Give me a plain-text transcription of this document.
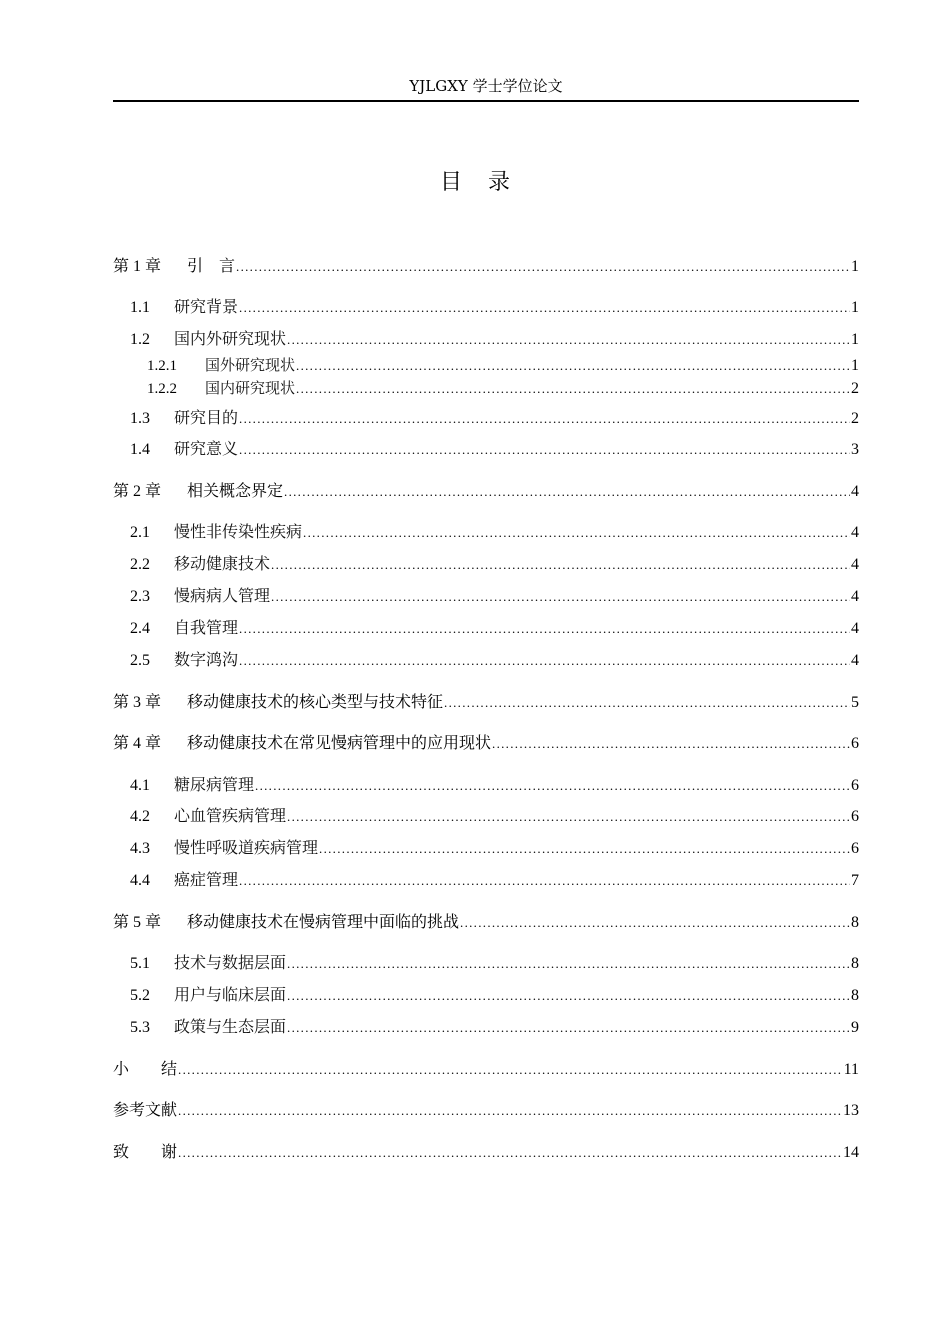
YJLGXY 学士学位论文
目 录
第 1 章	引　言 .....	1
1.1	研究背景 .....	1
1.2	国内外研究现状 .....	1
1.2.1	国外研究现状 .....	1
1.2.2	国内研究现状 .....	2
1.3	研究目的 .....	2
1.4	研究意义 .....	3
第 2 章	相关概念界定 .....	4
2.1	慢性非传染性疾病 .....	4
2.2	移动健康技术 .....	4
2.3	慢病病人管理 .....	4
2.4	自我管理 .....	4
2.5	数字鸿沟 .....	4
第 3 章	移动健康技术的核心类型与技术特征 .....	5
第 4 章	移动健康技术在常见慢病管理中的应用现状 .....	6
4.1	糖尿病管理 .....	6
4.2	心血管疾病管理 .....	6
4.3	慢性呼吸道疾病管理 .....	6
4.4	癌症管理 .....	7
第 5 章	移动健康技术在慢病管理中面临的挑战 .....	8
5.1	技术与数据层面 .....	8
5.2	用户与临床层面 .....	8
5.3	政策与生态层面 .....	9
小　　结 .....	11
参考文献 .....	13
致　　谢 .....	14
